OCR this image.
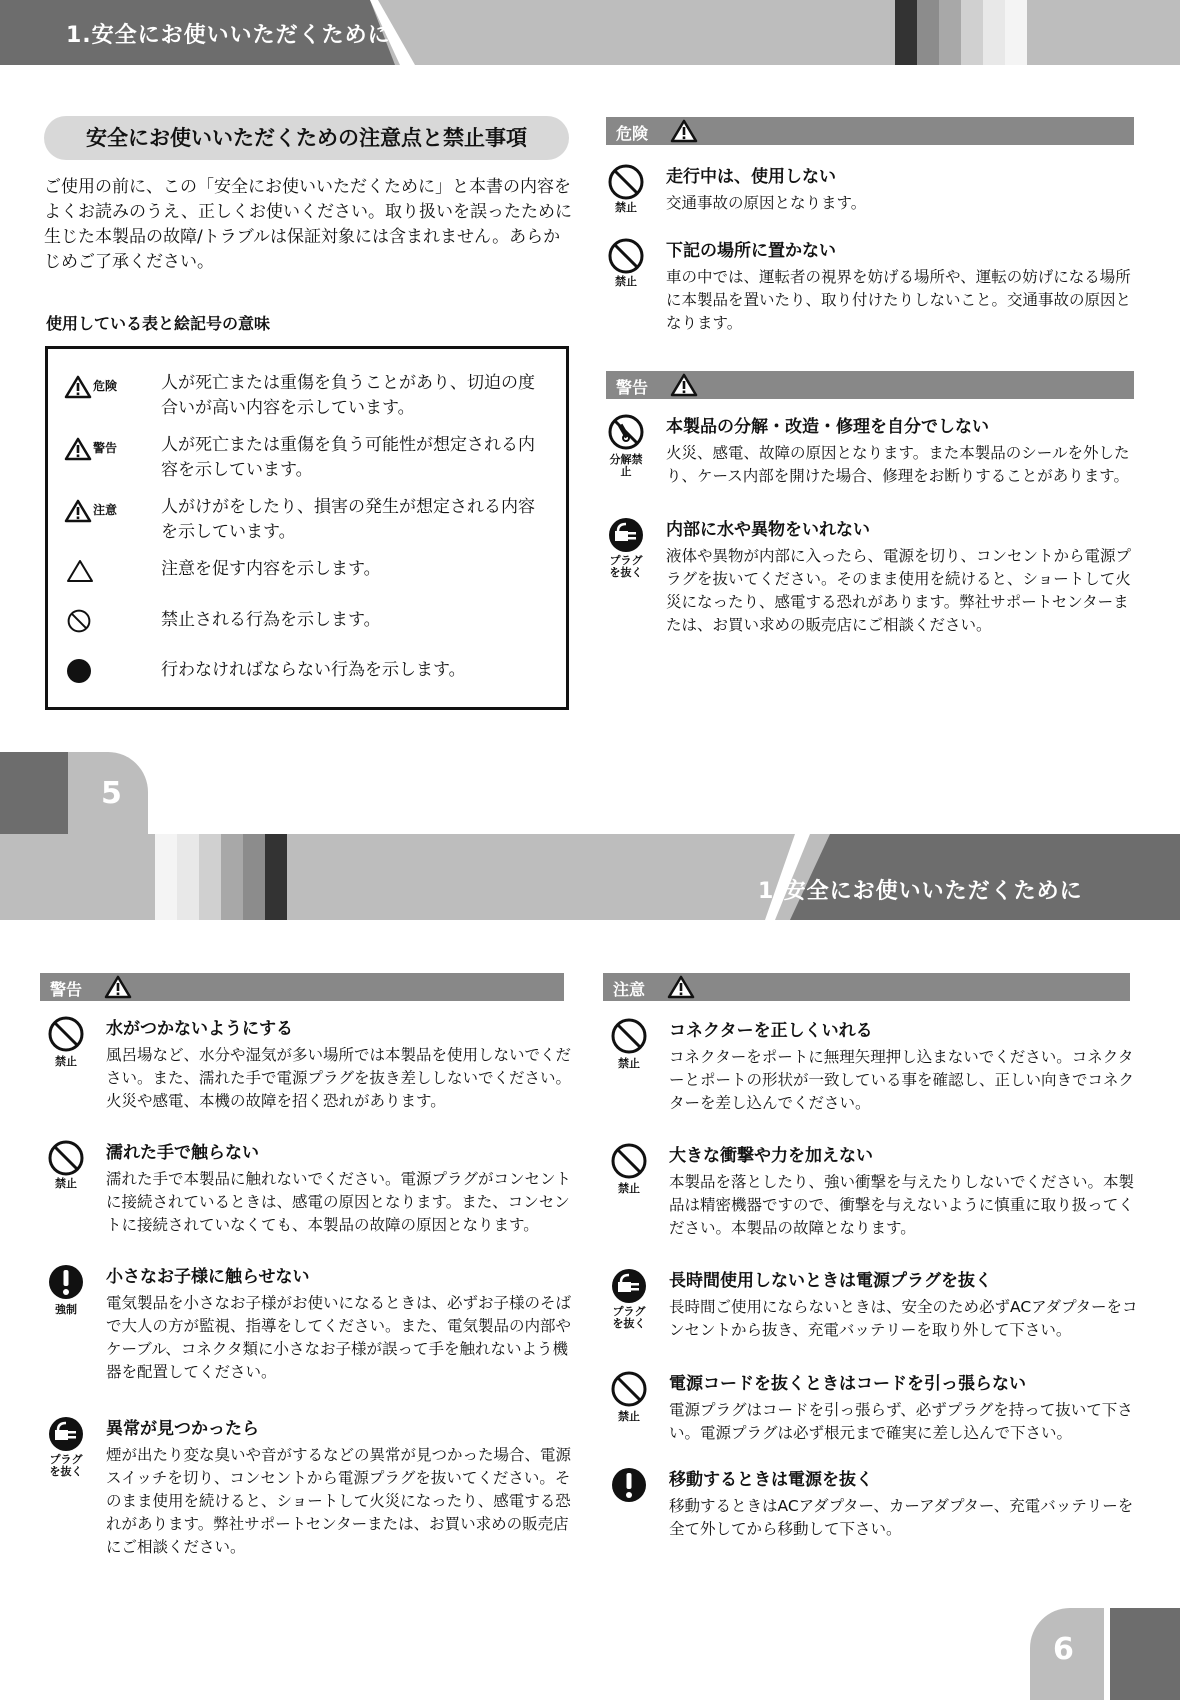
1.安全にお使いいただくために
安全にお使いいただくための注意点と禁止事項
ご使用の前に、この「安全にお使いいただくために」と本書の内容をよくお読みのうえ、正しくお使いください。取り扱いを誤ったために生じた本製品の故障/トラブルは保証対象には含まれません。あらかじめご了承ください。
使用している表と絵記号の意味
危険	人が死亡または重傷を負うことがあり、切迫の度合いが高い内容を示しています。
警告	人が死亡または重傷を負う可能性が想定される内容を示しています。
注意	人がけがをしたり、損害の発生が想定される内容を示しています。
注意を促す内容を示します。
禁止される行為を示します。
行わなければならない行為を示します。
危険
禁止
走行中は、使用しない
交通事故の原因となります。
禁止
下記の場所に置かない
車の中では、運転者の視界を妨げる場所や、運転の妨げになる場所に本製品を置いたり、取り付けたりしないこと。交通事故の原因となります。
警告
分解禁止
本製品の分解・改造・修理を自分でしない
火災、感電、故障の原因となります。また本製品のシールを外したり、ケース内部を開けた場合、修理をお断りすることがあります。
プラグを抜く
内部に水や異物をいれない
液体や異物が内部に入ったら、電源を切り、コンセントから電源プラグを抜いてください。そのまま使用を続けると、ショートして火災になったり、感電する恐れがあります。弊社サポートセンターまたは、お買い求めの販売店にご相談ください。
5
1.安全にお使いいただくために
警告
禁止
水がつかないようにする
風呂場など、水分や湿気が多い場所では本製品を使用しないでください。また、濡れた手で電源プラグを抜き差ししないでください。火災や感電、本機の故障を招く恐れがあります。
禁止
濡れた手で触らない
濡れた手で本製品に触れないでください。電源プラグがコンセントに接続されているときは、感電の原因となります。また、コンセントに接続されていなくても、本製品の故障の原因となります。
強制
小さなお子様に触らせない
電気製品を小さなお子様がお使いになるときは、必ずお子様のそばで大人の方が監視、指導をしてください。また、電気製品の内部やケーブル、コネクタ類に小さなお子様が誤って手を触れないよう機器を配置してください。
プラグを抜く
異常が見つかったら
煙が出たり変な臭いや音がするなどの異常が見つかった場合、電源スイッチを切り、コンセントから電源プラグを抜いてください。そのまま使用を続けると、ショートして火災になったり、感電する恐れがあります。弊社サポートセンターまたは、お買い求めの販売店にご相談ください。
注意
禁止
コネクターを正しくいれる
コネクターをポートに無理矢理押し込まないでください。コネクターとポートの形状が一致している事を確認し、正しい向きでコネクターを差し込んでください。
禁止
大きな衝撃や力を加えない
本製品を落としたり、強い衝撃を与えたりしないでください。本製品は精密機器ですので、衝撃を与えないように慎重に取り扱ってください。本製品の故障となります。
プラグを抜く
長時間使用しないときは電源プラグを抜く
長時間ご使用にならないときは、安全のため必ずACアダプターをコンセントから抜き、充電バッテリーを取り外して下さい。
禁止
電源コードを抜くときはコードを引っ張らない
電源プラグはコードを引っ張らず、必ずプラグを持って抜いて下さい。電源プラグは必ず根元まで確実に差し込んで下さい。
移動するときは電源を抜く
移動するときはACアダプター、カーアダプター、充電バッテリーを全て外してから移動して下さい。
6
